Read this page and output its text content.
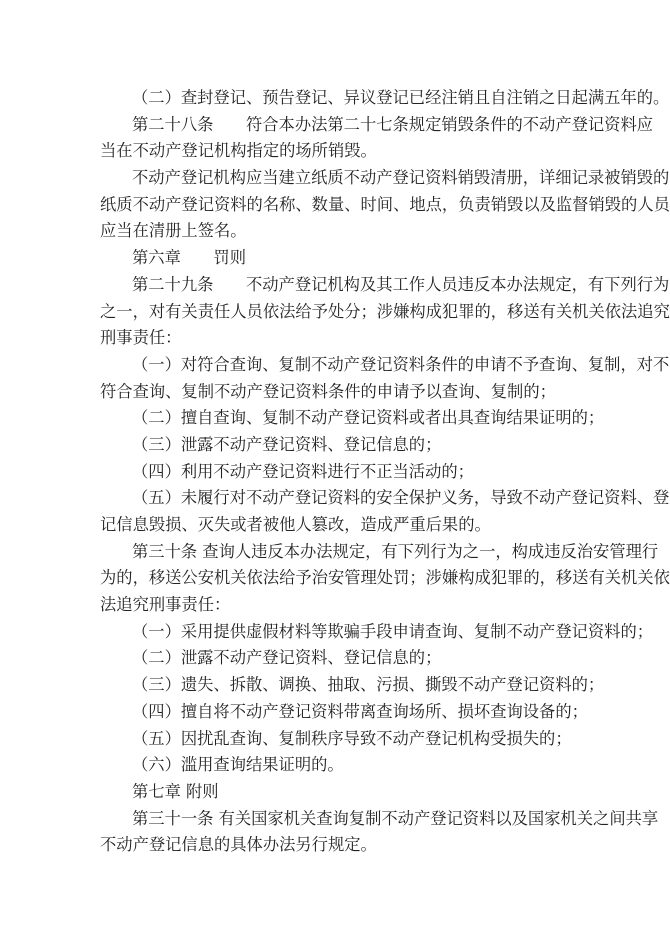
（二）查封登记、预告登记、异议登记已经注销且自注销之日起满五年的。
第二十八条　　符合本办法第二十七条规定销毁条件的不动产登记资料应
当在不动产登记机构指定的场所销毁。
不动产登记机构应当建立纸质不动产登记资料销毁清册，详细记录被销毁的
纸质不动产登记资料的名称、数量、时间、地点，负责销毁以及监督销毁的人员
应当在清册上签名。
第六章　　罚则
第二十九条　　不动产登记机构及其工作人员违反本办法规定，有下列行为
之一，对有关责任人员依法给予处分；涉嫌构成犯罪的，移送有关机关依法追究
刑事责任：
（一）对符合查询、复制不动产登记资料条件的申请不予查询、复制，对不
符合查询、复制不动产登记资料条件的申请予以查询、复制的；
（二）擅自查询、复制不动产登记资料或者出具查询结果证明的；
（三）泄露不动产登记资料、登记信息的；
（四）利用不动产登记资料进行不正当活动的；
（五）未履行对不动产登记资料的安全保护义务，导致不动产登记资料、登
记信息毁损、灭失或者被他人篡改，造成严重后果的。
第三十条 查询人违反本办法规定，有下列行为之一，构成违反治安管理行
为的，移送公安机关依法给予治安管理处罚；涉嫌构成犯罪的，移送有关机关依
法追究刑事责任：
（一）采用提供虚假材料等欺骗手段申请查询、复制不动产登记资料的；
（二）泄露不动产登记资料、登记信息的；
（三）遗失、拆散、调换、抽取、污损、撕毁不动产登记资料的；
（四）擅自将不动产登记资料带离查询场所、损坏查询设备的；
（五）因扰乱查询、复制秩序导致不动产登记机构受损失的；
（六）滥用查询结果证明的。
第七章 附则
第三十一条 有关国家机关查询复制不动产登记资料以及国家机关之间共享
不动产登记信息的具体办法另行规定。
